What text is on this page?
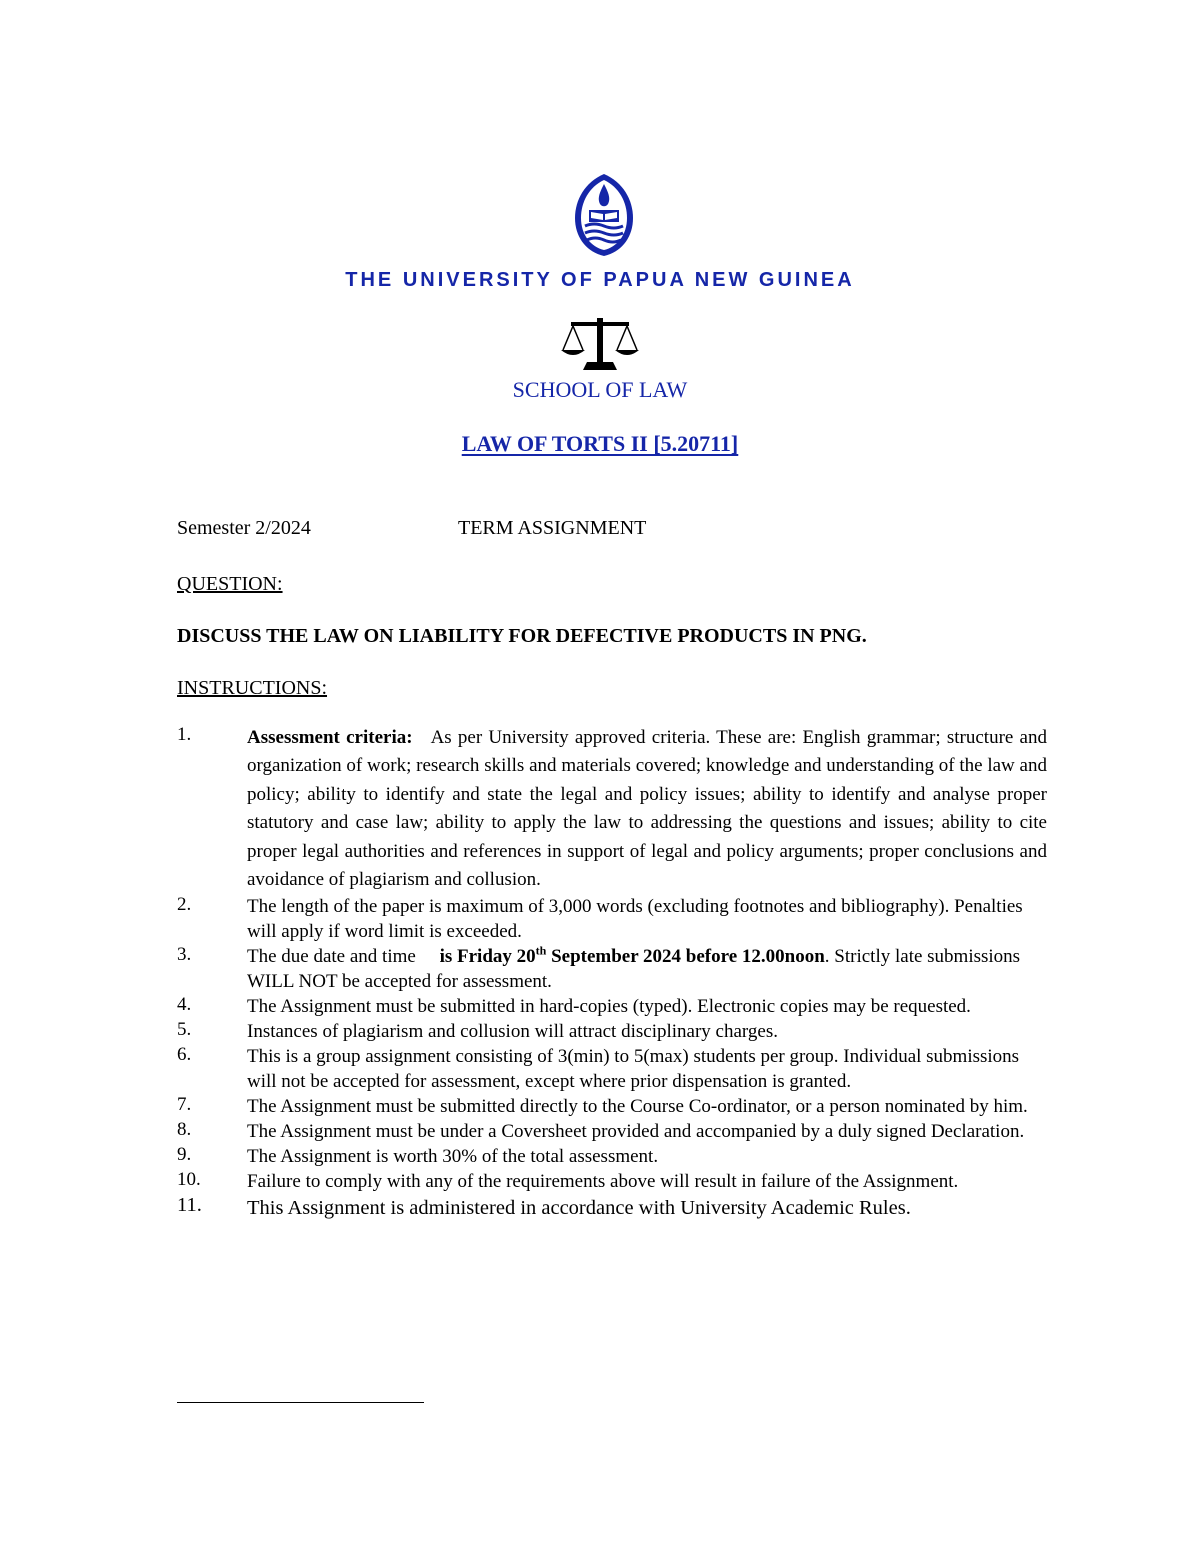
THE UNIVERSITY OF PAPUA NEW GUINEA
SCHOOL OF LAW
LAW OF TORTS II [5.20711]
Semester 2/2024	TERM ASSIGNMENT
QUESTION:
DISCUSS THE LAW ON LIABILITY FOR DEFECTIVE PRODUCTS IN PNG.
INSTRUCTIONS:
1.	Assessment criteria: As per University approved criteria. These are: English grammar; structure and organization of work; research skills and materials covered; knowledge and understanding of the law and policy; ability to identify and state the legal and policy issues; ability to identify and analyse proper statutory and case law; ability to apply the law to addressing the questions and issues; ability to cite proper legal authorities and references in support of legal and policy arguments; proper conclusions and avoidance of plagiarism and collusion.
2.	The length of the paper is maximum of 3,000 words (excluding footnotes and bibliography). Penalties will apply if word limit is exceeded.
3.	The due date and time is Friday 20th September 2024 before 12.00noon. Strictly late submissions WILL NOT be accepted for assessment.
4.	The Assignment must be submitted in hard-copies (typed). Electronic copies may be requested.
5.	Instances of plagiarism and collusion will attract disciplinary charges.
6.	This is a group assignment consisting of 3(min) to 5(max) students per group. Individual submissions will not be accepted for assessment, except where prior dispensation is granted.
7.	The Assignment must be submitted directly to the Course Co-ordinator, or a person nominated by him.
8.	The Assignment must be under a Coversheet provided and accompanied by a duly signed Declaration.
9.	The Assignment is worth 30% of the total assessment.
10. Failure to comply with any of the requirements above will result in failure of the Assignment.
11. This Assignment is administered in accordance with University Academic Rules.
